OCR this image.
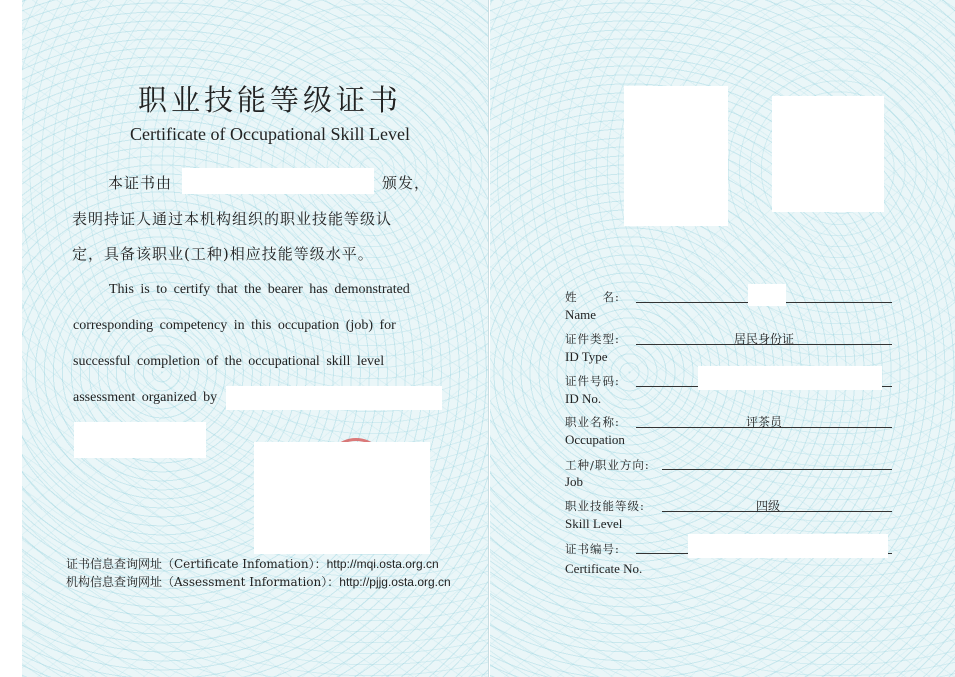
职业技能等级证书
Certificate of Occupational Skill Level
本证书由	颁发，
表明持证人通过本机构组织的职业技能等级认
定，具备该职业(工种)相应技能等级水平。
This is to certify that the bearer has demonstrated
corresponding competency in this occupation (job) for
successful completion of the occupational skill level
assessment organized by
证书信息查询网址（Certificate Infomation）：http://mqi.osta.org.cn
机构信息查询网址（Assessment Information）：http://pjjg.osta.org.cn
姓　　名:
Name
证件类型:
ID Type
居民身份证
证件号码:
ID No.
职业名称:
Occupation
评茶员
工种/职业方向:
Job
职业技能等级:
Skill Level
四级
证书编号:
Certificate No.
